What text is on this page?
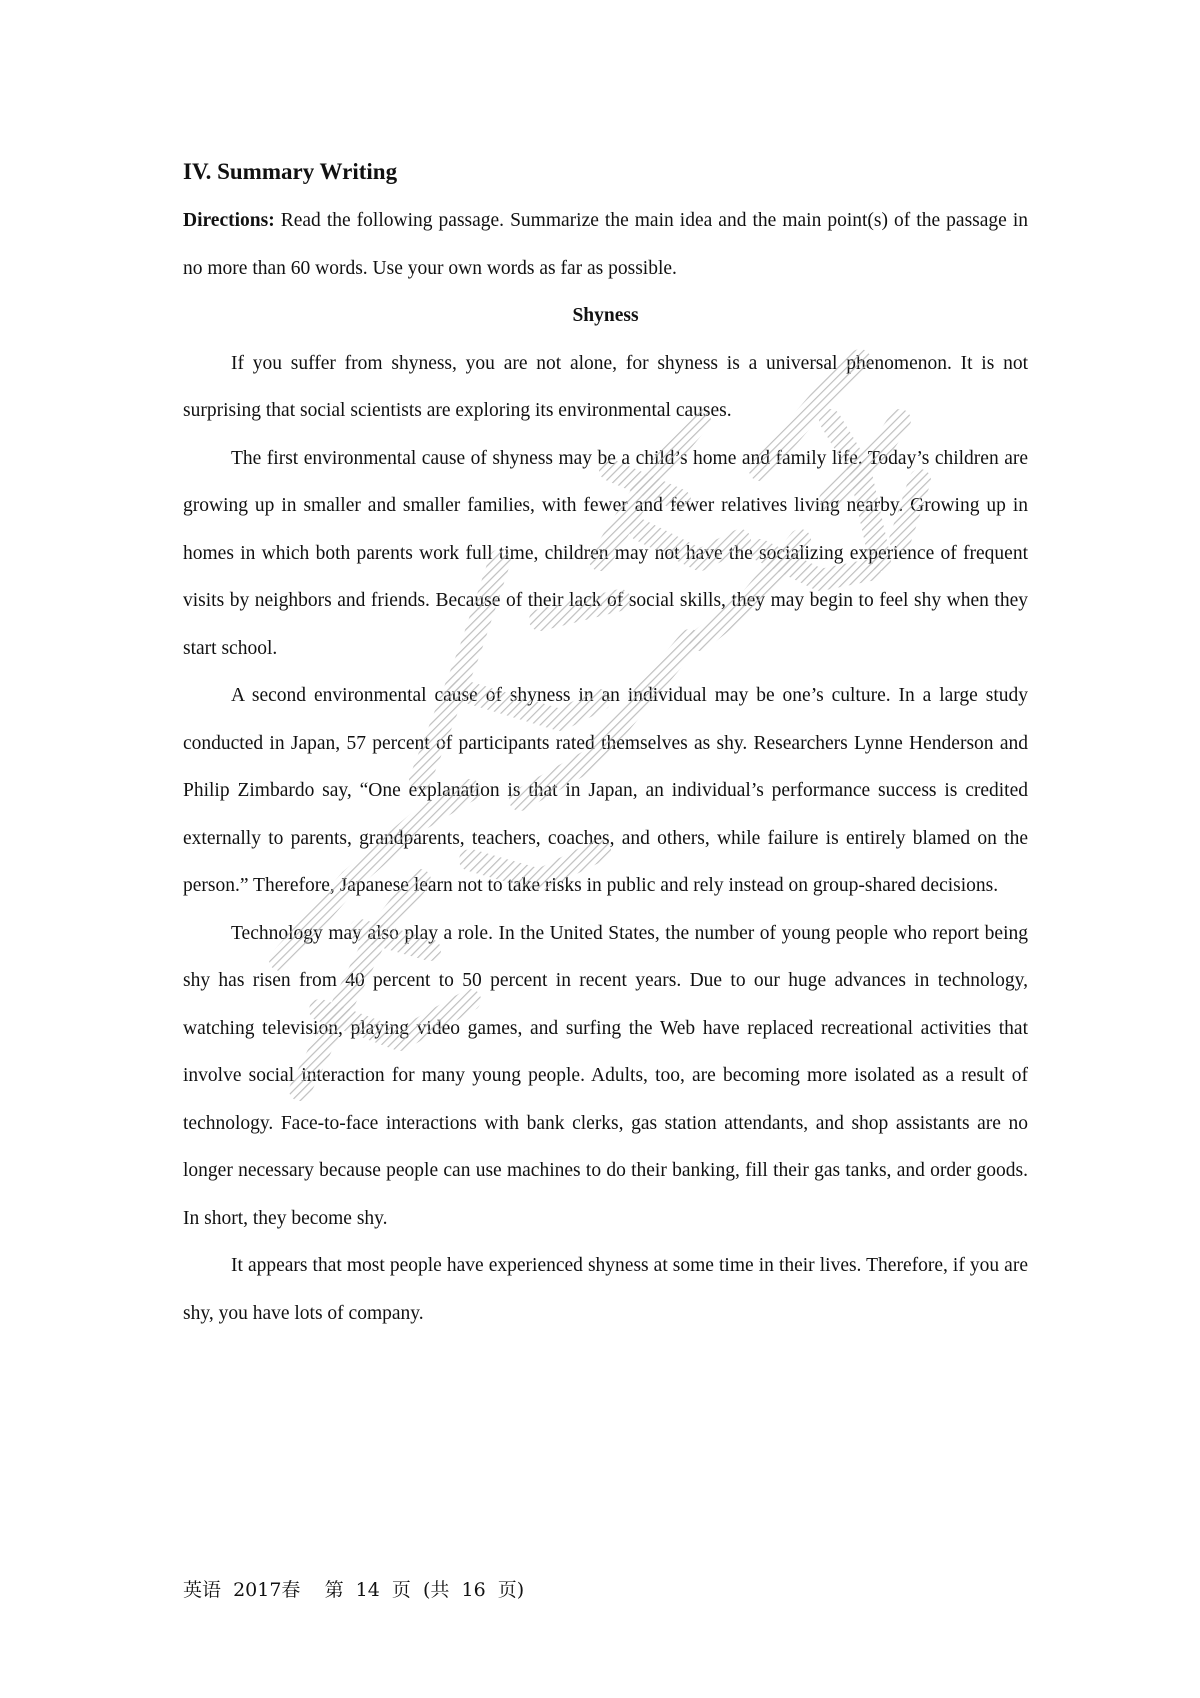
IV. Summary Writing

Directions: Read the following passage. Summarize the main idea and the main point(s) of the passage in no more than 60 words. Use your own words as far as possible.

Shyness

If you suffer from shyness, you are not alone, for shyness is a universal phenomenon. It is not surprising that social scientists are exploring its environmental causes.

The first environmental cause of shyness may be a child’s home and family life. Today’s children are growing up in smaller and smaller families, with fewer and fewer relatives living nearby. Growing up in homes in which both parents work full time, children may not have the socializing experience of frequent visits by neighbors and friends. Because of their lack of social skills, they may begin to feel shy when they start school.

A second environmental cause of shyness in an individual may be one’s culture. In a large study conducted in Japan, 57 percent of participants rated themselves as shy. Researchers Lynne Henderson and Philip Zimbardo say, “One explanation is that in Japan, an individual’s performance success is credited externally to parents, grandparents, teachers, coaches, and others, while failure is entirely blamed on the person.” Therefore, Japanese learn not to take risks in public and rely instead on group-shared decisions.

Technology may also play a role. In the United States, the number of young people who report being shy has risen from 40 percent to 50 percent in recent years. Due to our huge advances in technology, watching television, playing video games, and surfing the Web have replaced recreational activities that involve social interaction for many young people. Adults, too, are becoming more isolated as a result of technology. Face-to-face interactions with bank clerks, gas station attendants, and shop assistants are no longer necessary because people can use machines to do their banking, fill their gas tanks, and order goods. In short, they become shy.

It appears that most people have experienced shyness at some time in their lives. Therefore, if you are shy, you have lots of company.

英语  2017春    第  14  页  (共  16  页)
